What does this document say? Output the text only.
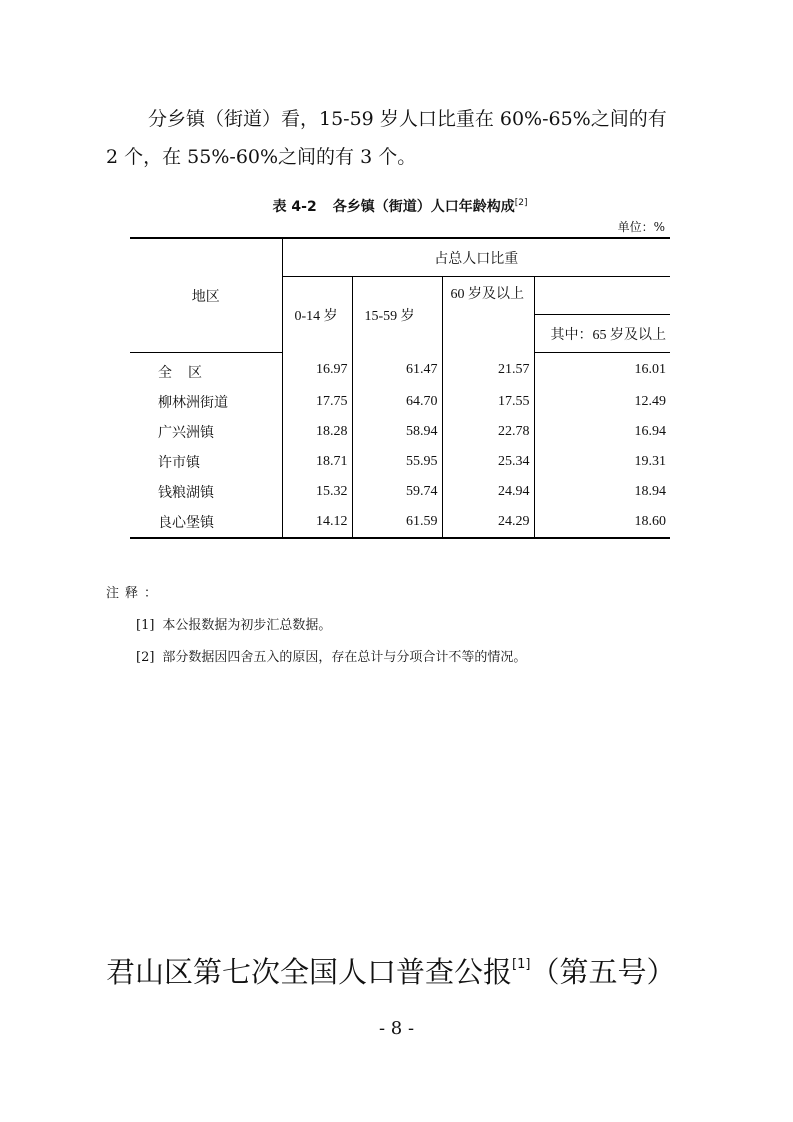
分乡镇（街道）看，15-59 岁人口比重在 60%-65%之间的有
2 个，在 55%-60%之间的有 3 个。

表 4-2 各乡镇（街道）人口年龄构成[2]
单位：%
地区	占总人口比重			
	0-14 岁	15-59 岁	60 岁及以上	
				其中：65 岁及以上
全区	16.97	61.47	21.57	16.01
柳林洲街道	17.75	64.70	17.55	12.49
广兴洲镇	18.28	58.94	22.78	16.94
许市镇	18.71	55.95	25.34	19.31
钱粮湖镇	15.32	59.74	24.94	18.94
良心堡镇	14.12	61.59	24.29	18.60
注释：
[1] 本公报数据为初步汇总数据。
[2] 部分数据因四舍五入的原因，存在总计与分项合计不等的情况。
君山区第七次全国人口普查公报[1]（第五号）
- 8 -
